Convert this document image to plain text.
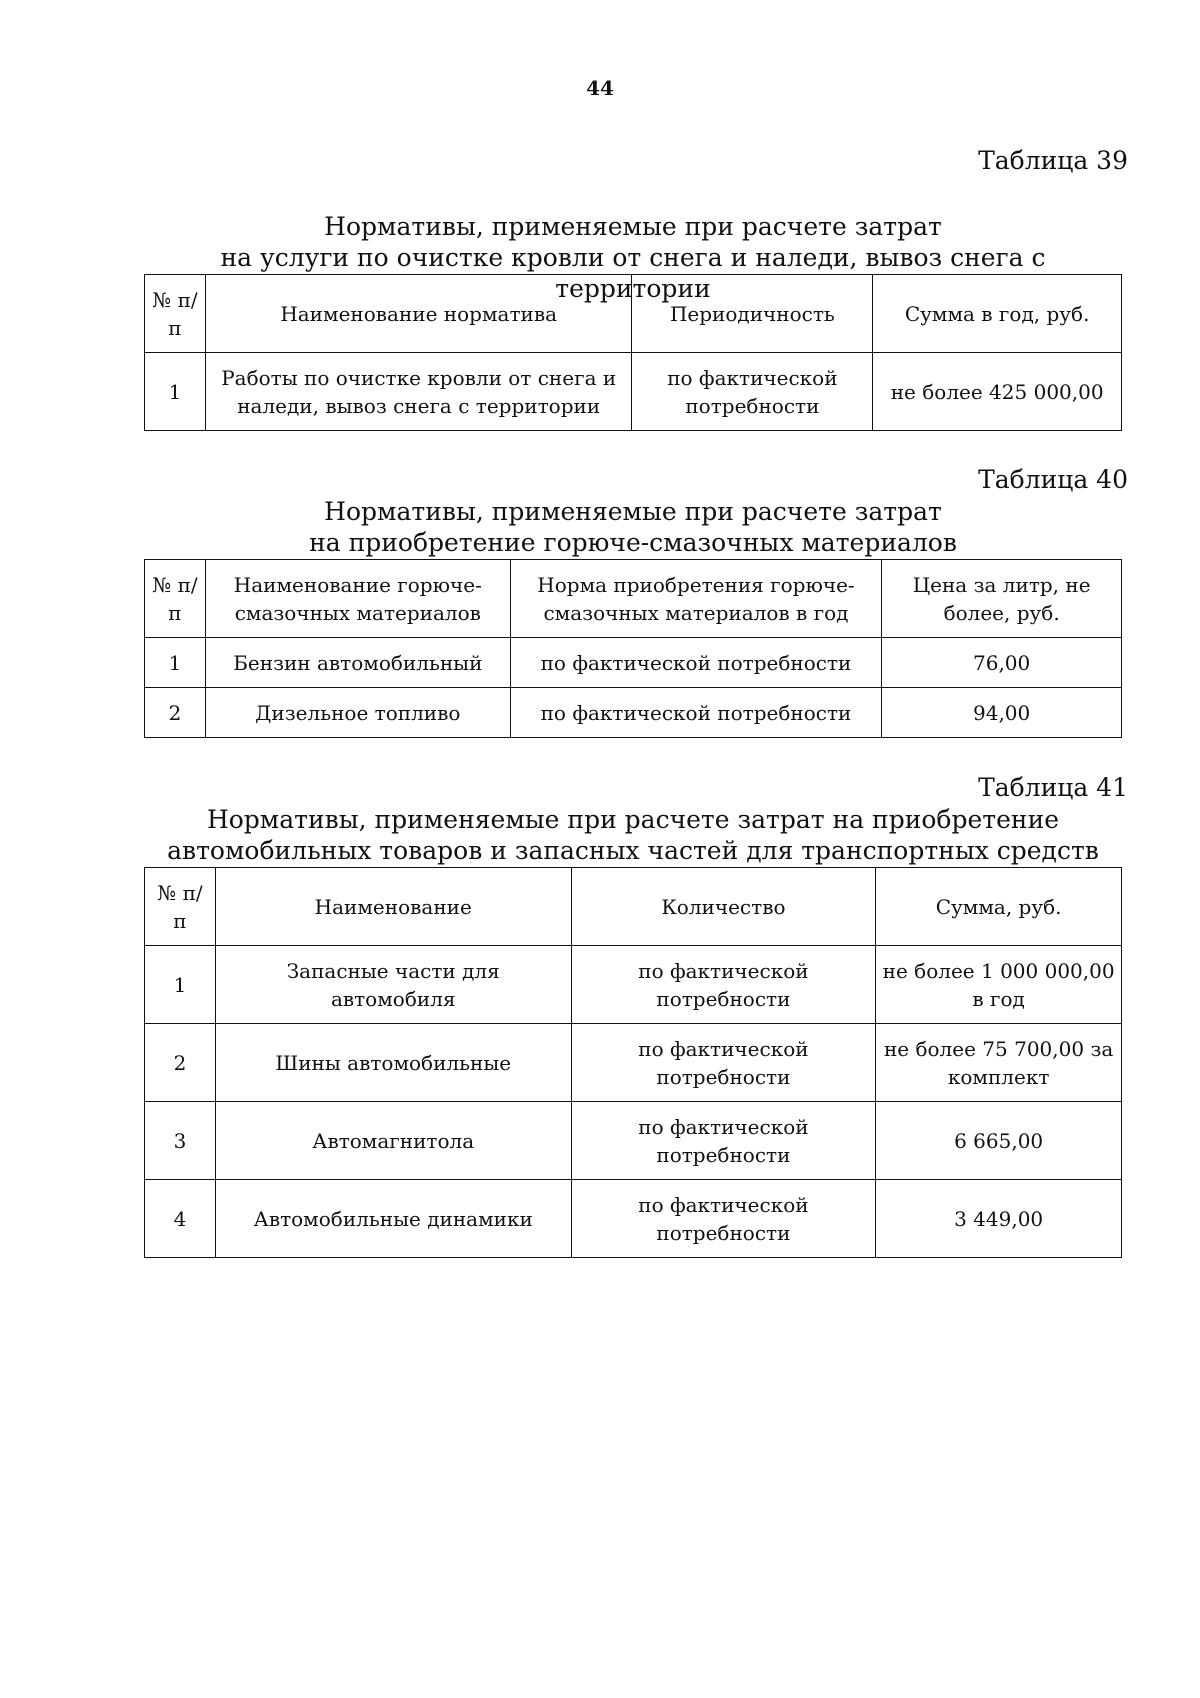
44
Таблица 39
Нормативы, применяемые при расчете затрат
на услуги по очистке кровли от снега и наледи, вывоз снега с территории
№ п/п	Наименование норматива	Периодичность	Сумма в год, руб.
1	Работы по очистке кровли от снега и наледи, вывоз снега с территории	по фактической потребности	не более 425 000,00
Таблица 40
Нормативы, применяемые при расчете затрат
на приобретение горюче-смазочных материалов
№ п/п	Наименование горюче-смазочных материалов	Норма приобретения горюче-смазочных материалов в год	Цена за литр, не более, руб.
1	Бензин автомобильный	по фактической потребности	76,00
2	Дизельное топливо	по фактической потребности	94,00
Таблица 41
Нормативы, применяемые при расчете затрат на приобретение
автомобильных товаров и запасных частей для транспортных средств
№ п/п	Наименование	Количество	Сумма, руб.
1	Запасные части для автомобиля	по фактической потребности	не более 1 000 000,00 в год
2	Шины автомобильные	по фактической потребности	не более 75 700,00 за комплект
3	Автомагнитола	по фактической потребности	6 665,00
4	Автомобильные динамики	по фактической потребности	3 449,00
